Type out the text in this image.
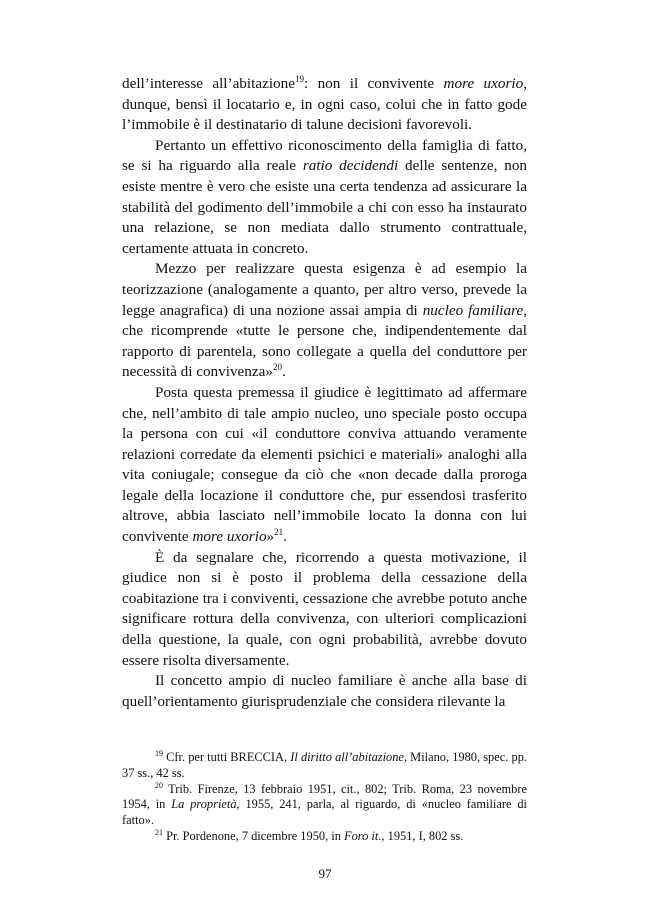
dell’interesse all’abitazione$^{19}$: non il convivente more uxorio, dunque, bensì il locatario e, in ogni caso, colui che in fatto gode l’immobile è il destinatario di talune decisioni favorevoli.

Pertanto un effettivo riconoscimento della famiglia di fatto, se si ha riguardo alla reale ratio decidendi delle sentenze, non esiste mentre è vero che esiste una certa tendenza ad assicurare la stabilità del godimento dell’immobile a chi con esso ha instaurato una relazione, se non mediata dallo strumento contrattuale, certamente attuata in concreto.

Mezzo per realizzare questa esigenza è ad esempio la teorizzazione (analogamente a quanto, per altro verso, prevede la legge anagrafica) di una nozione assai ampia di nucleo familiare, che ricomprende «tutte le persone che, indipendentemente dal rapporto di parentela, sono collegate a quella del conduttore per necessità di convivenza»$^{20}$.

Posta questa premessa il giudice è legittimato ad affermare che, nell’ambito di tale ampio nucleo, uno speciale posto occupa la persona con cui «il conduttore conviva attuando veramente relazioni corredate da elementi psichici e materiali» analoghi alla vita coniugale; consegue da ciò che «non decade dalla proroga legale della locazione il conduttore che, pur essendosi trasferito altrove, abbia lasciato nell’immobile locato la donna con lui convivente more uxorio»$^{21}$.

È da segnalare che, ricorrendo a questa motivazione, il giudice non si è posto il problema della cessazione della coabitazione tra i conviventi, cessazione che avrebbe potuto anche significare rottura della convivenza, con ulteriori complicazioni della questione, la quale, con ogni probabilità, avrebbe dovuto essere risolta diversamente.

Il concetto ampio di nucleo familiare è anche alla base di quell’orientamento giurisprudenziale che considera rilevante la

$^{19}$ Cfr. per tutti BRECCIA, Il diritto all’abitazione, Milano, 1980, spec. pp. 37 ss., 42 ss.

$^{20}$ Trib. Firenze, 13 febbraio 1951, cit., 802; Trib. Roma, 23 novembre 1954, in La proprietà, 1955, 241, parla, al riguardo, di «nucleo familiare di fatto».

$^{21}$ Pr. Pordenone, 7 dicembre 1950, in Foro it., 1951, I, 802 ss.

97
